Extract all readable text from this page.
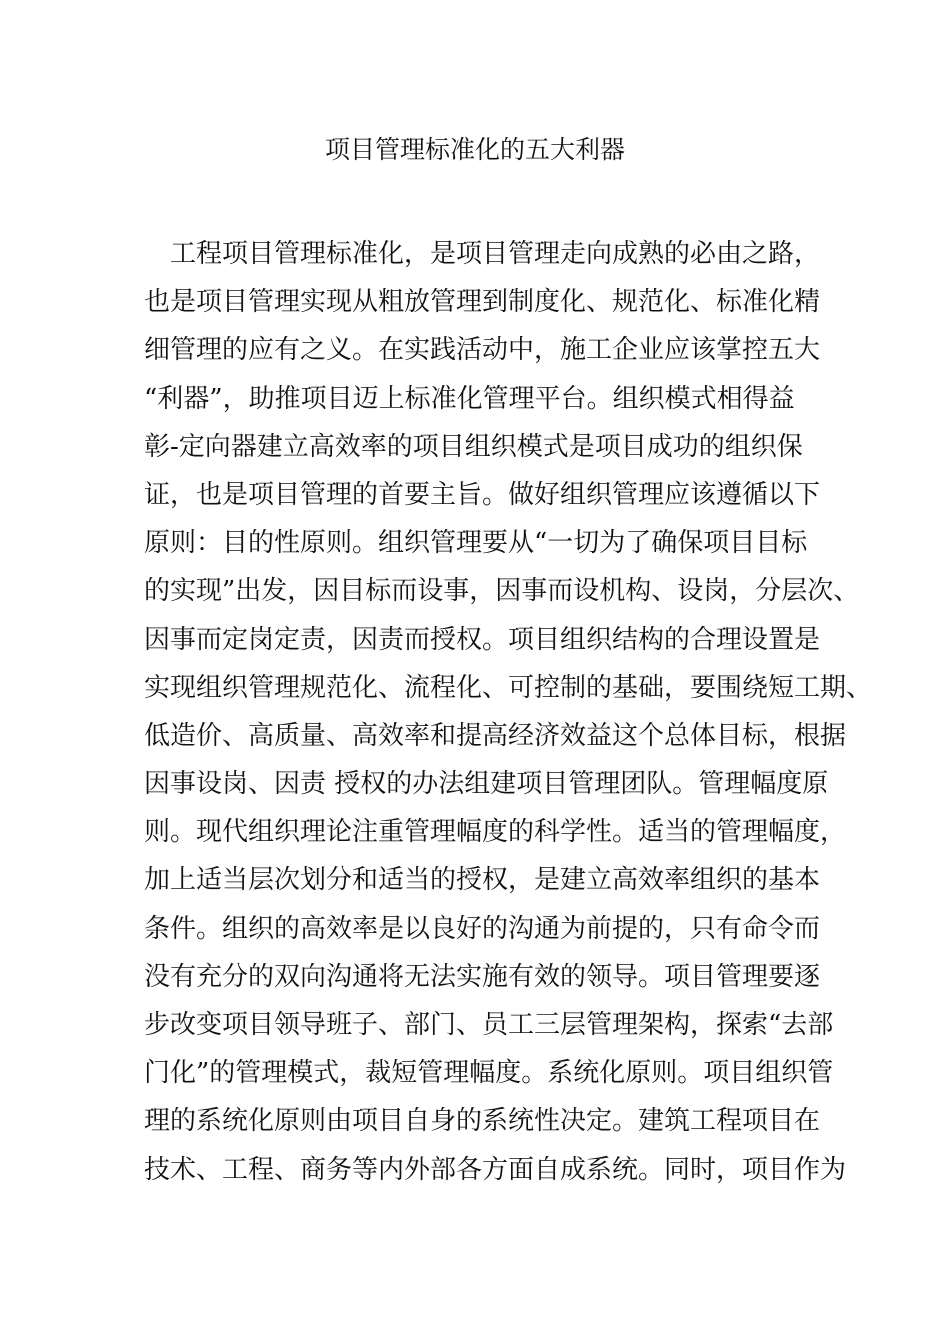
项目管理标准化的五大利器
工程项目管理标准化，是项目管理走向成熟的必由之路，
也是项目管理实现从粗放管理到制度化、规范化、标准化精
细管理的应有之义。在实践活动中，施工企业应该掌控五大
“利器”，助推项目迈上标准化管理平台。组织模式相得益
彰-定向器建立高效率的项目组织模式是项目成功的组织保
证，也是项目管理的首要主旨。做好组织管理应该遵循以下
原则：目的性原则。组织管理要从“一切为了确保项目目标
的实现”出发，因目标而设事，因事而设机构、设岗，分层次、
因事而定岗定责，因责而授权。项目组织结构的合理设置是
实现组织管理规范化、流程化、可控制的基础，要围绕短工期、
低造价、高质量、高效率和提高经济效益这个总体目标，根据
因事设岗、因责 授权的办法组建项目管理团队。管理幅度原
则。现代组织理论注重管理幅度的科学性。适当的管理幅度，
加上适当层次划分和适当的授权，是建立高效率组织的基本
条件。组织的高效率是以良好的沟通为前提的，只有命令而
没有充分的双向沟通将无法实施有效的领导。项目管理要逐
步改变项目领导班子、部门、员工三层管理架构，探索“去部
门化”的管理模式，裁短管理幅度。系统化原则。项目组织管
理的系统化原则由项目自身的系统性决定。建筑工程项目在
技术、工程、商务等内外部各方面自成系统。同时，项目作为
